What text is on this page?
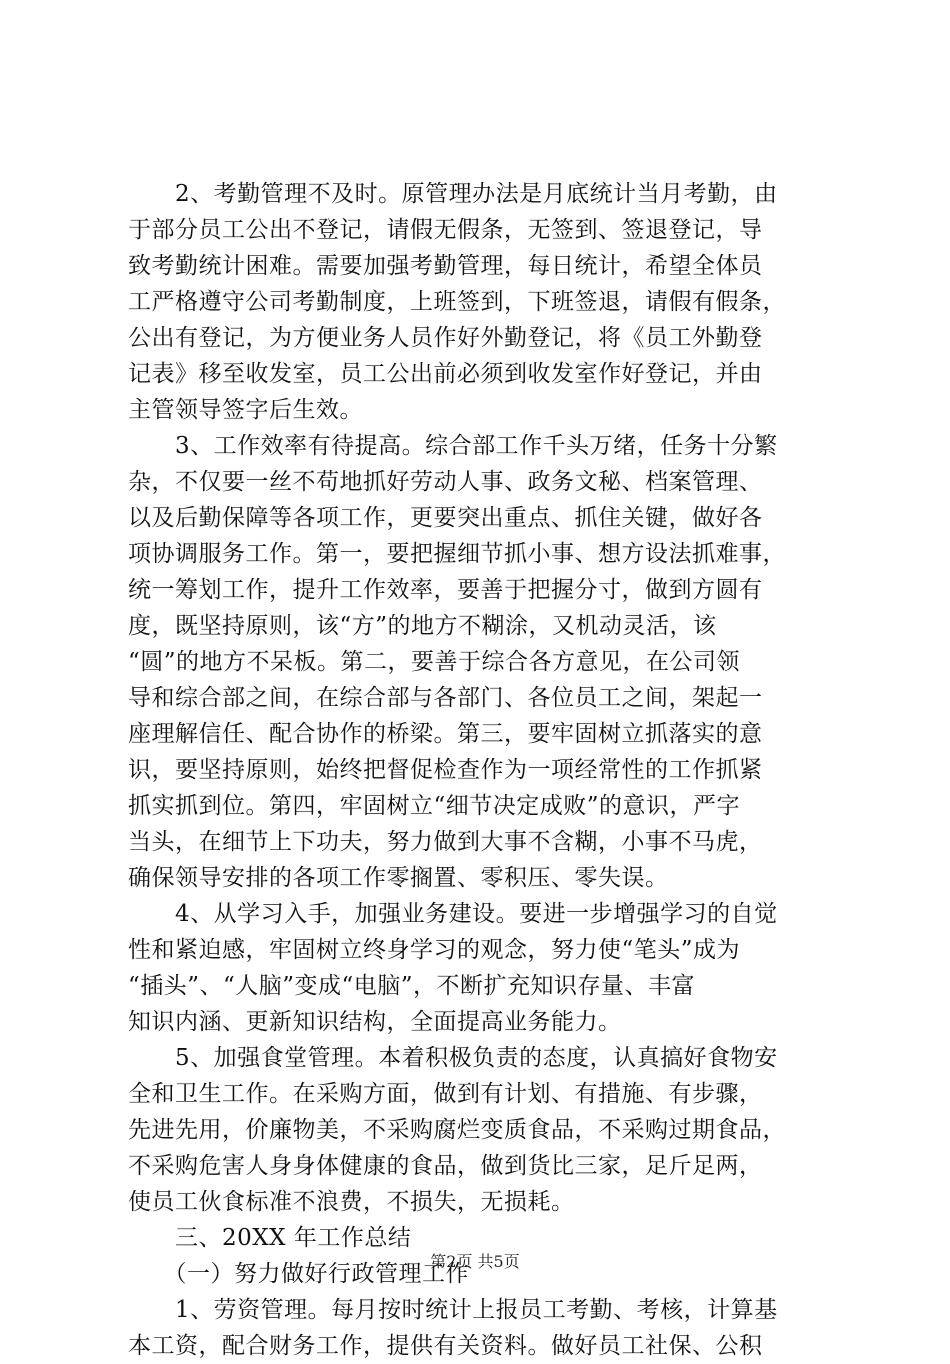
　　2、考勤管理不及时。原管理办法是月底统计当月考勤，由
于部分员工公出不登记，请假无假条，无签到、签退登记，导
致考勤统计困难。需要加强考勤管理，每日统计，希望全体员
工严格遵守公司考勤制度，上班签到，下班签退，请假有假条，
公出有登记，为方便业务人员作好外勤登记，将《员工外勤登
记表》移至收发室，员工公出前必须到收发室作好登记，并由
主管领导签字后生效。
　　3、工作效率有待提高。综合部工作千头万绪，任务十分繁
杂，不仅要一丝不苟地抓好劳动人事、政务文秘、档案管理、
以及后勤保障等各项工作，更要突出重点、抓住关键，做好各
项协调服务工作。第一，要把握细节抓小事、想方设法抓难事，
统一筹划工作，提升工作效率，要善于把握分寸，做到方圆有
度，既坚持原则，该“方”的地方不糊涂，又机动灵活，该
“圆”的地方不呆板。第二，要善于综合各方意见，在公司领
导和综合部之间，在综合部与各部门、各位员工之间，架起一
座理解信任、配合协作的桥梁。第三，要牢固树立抓落实的意
识，要坚持原则，始终把督促检查作为一项经常性的工作抓紧
抓实抓到位。第四，牢固树立“细节决定成败”的意识，严字
当头，在细节上下功夫，努力做到大事不含糊，小事不马虎，
确保领导安排的各项工作零搁置、零积压、零失误。
　　4、从学习入手，加强业务建设。要进一步增强学习的自觉
性和紧迫感，牢固树立终身学习的观念，努力使“笔头”成为
“插头”、“人脑”变成“电脑”，不断扩充知识存量、丰富
知识内涵、更新知识结构，全面提高业务能力。
　　5、加强食堂管理。本着积极负责的态度，认真搞好食物安
全和卫生工作。在采购方面，做到有计划、有措施、有步骤，
先进先用，价廉物美，不采购腐烂变质食品，不采购过期食品，
不采购危害人身身体健康的食品，做到货比三家，足斤足两，
使员工伙食标准不浪费，不损失，无损耗。
　　三、20XX 年工作总结
　　（一）努力做好行政管理工作
　　1、劳资管理。每月按时统计上报员工考勤、考核，计算基
本工资，配合财务工作，提供有关资料。做好员工社保、公积
第2页 共5页
